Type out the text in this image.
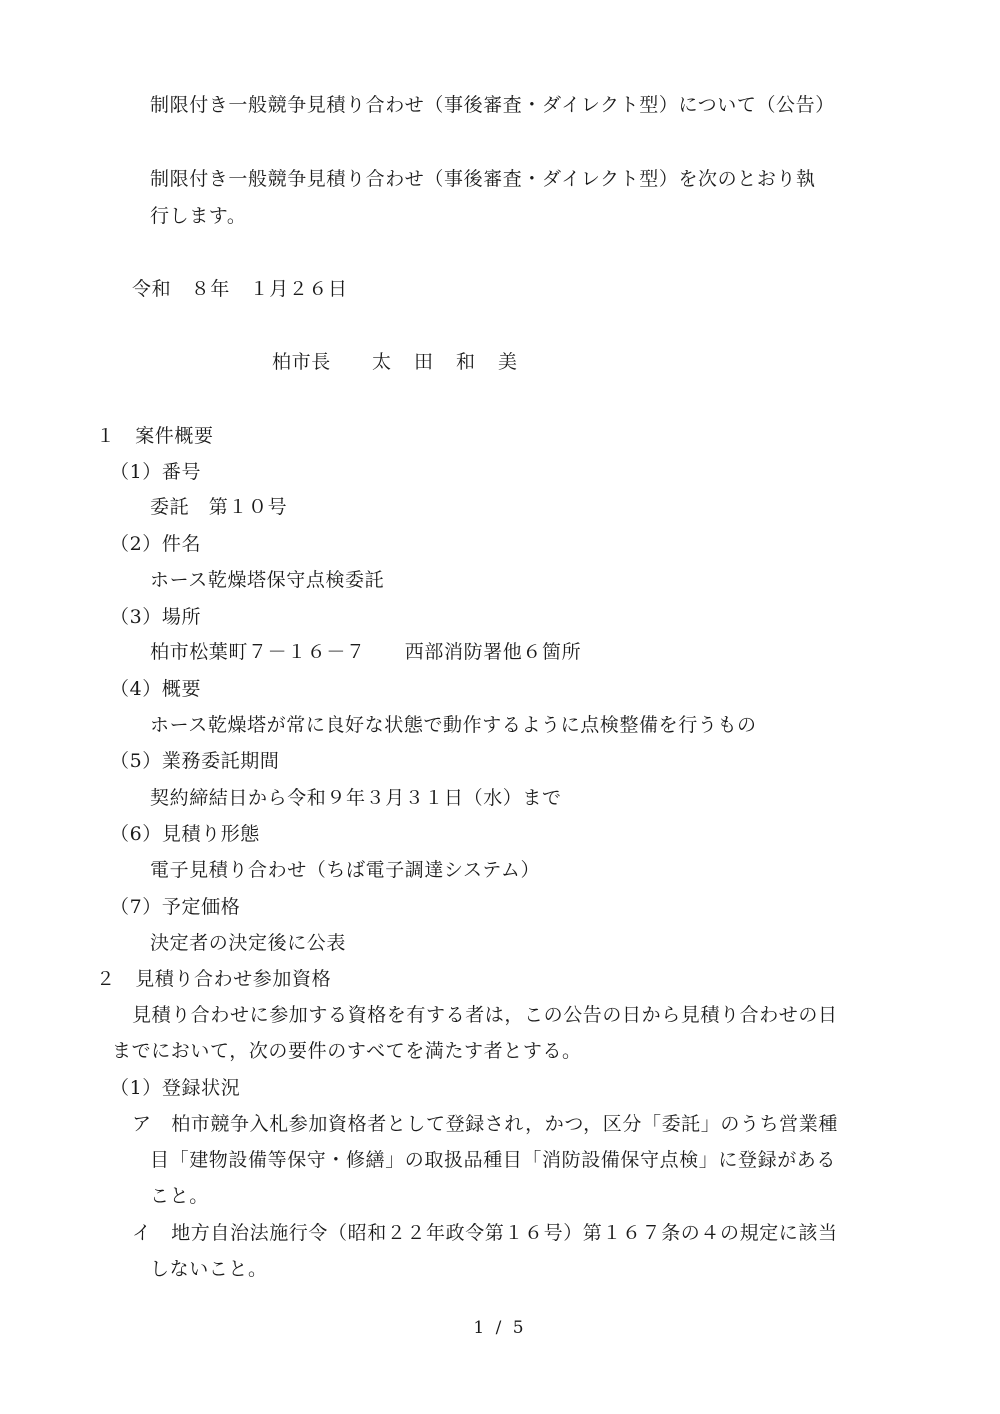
制限付き一般競争見積り合わせ（事後審査・ダイレクト型）について（公告）
制限付き一般競争見積り合わせ（事後審査・ダイレクト型）を次のとおり執
行します。
令和　８年　１月２６日
柏市長 太　田　和　美
１　案件概要
（1）番号
委託　第１０号
（2）件名
ホース乾燥塔保守点検委託
（3）場所
柏市松葉町７－１６－７　　西部消防署他６箇所
（4）概要
ホース乾燥塔が常に良好な状態で動作するように点検整備を行うもの
（5）業務委託期間
契約締結日から令和９年３月３１日（水）まで
（6）見積り形態
電子見積り合わせ（ちば電子調達システム）
（7）予定価格
決定者の決定後に公表
２　見積り合わせ参加資格
見積り合わせに参加する資格を有する者は，この公告の日から見積り合わせの日
までにおいて，次の要件のすべてを満たす者とする。
（1）登録状況
ア　柏市競争入札参加資格者として登録され，かつ，区分「委託」のうち営業種
目「建物設備等保守・修繕」の取扱品種目「消防設備保守点検」に登録がある
こと。
イ　地方自治法施行令（昭和２２年政令第１６号）第１６７条の４の規定に該当
しないこと。
1 / 5
